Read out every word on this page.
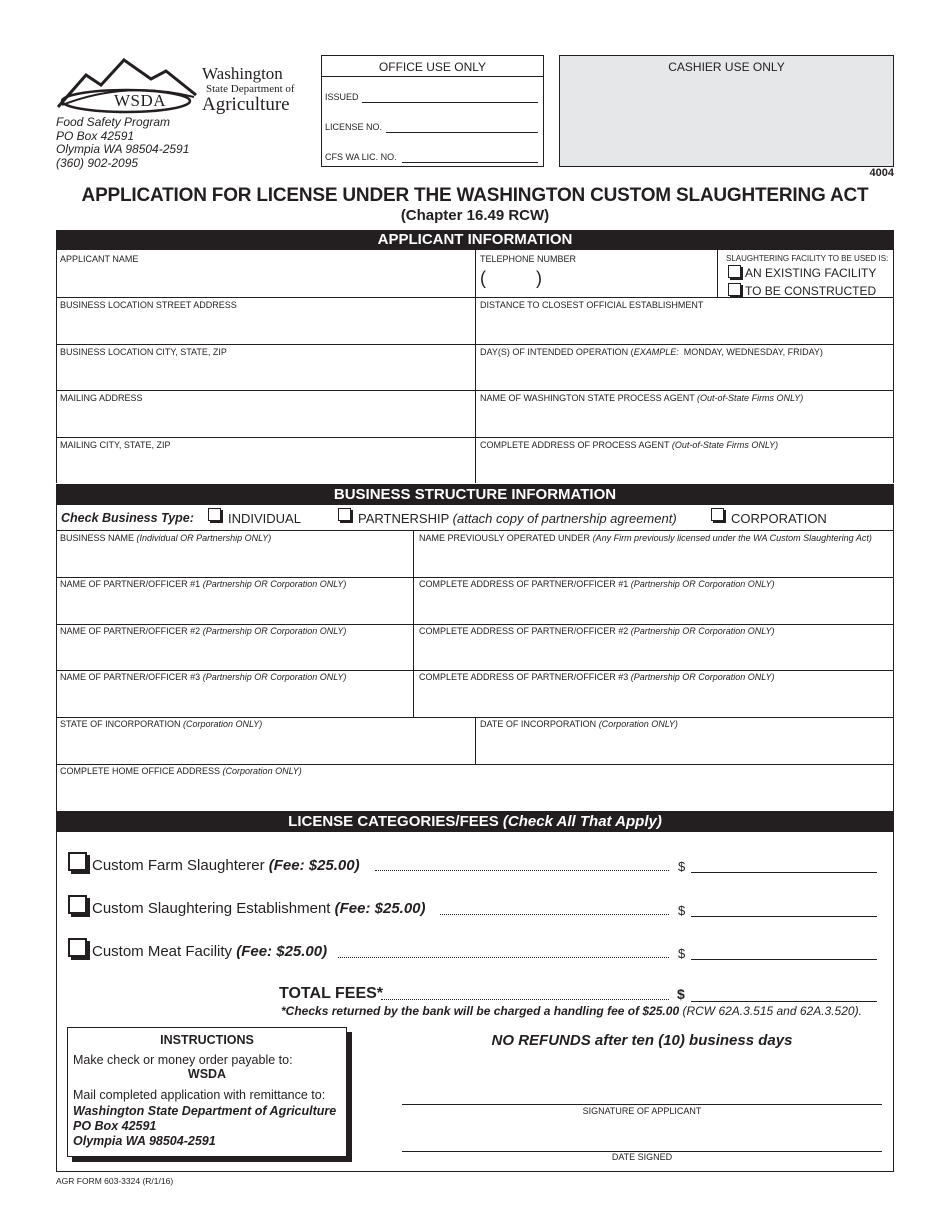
WSDA
Washington
State Department of
Agriculture
Food Safety Program
PO Box 42591
Olympia WA 98504-2591
(360) 902-2095
OFFICE USE ONLY
ISSUED
LICENSE NO.
CFS WA LIC. NO.
CASHIER USE ONLY
4004
APPLICATION FOR LICENSE UNDER THE WASHINGTON CUSTOM SLAUGHTERING ACT
(Chapter 16.49 RCW)
APPLICANT INFORMATION
APPLICANT NAME	TELEPHONE NUMBER
(	)
SLAUGHTERING FACILITY TO BE USED IS:
AN EXISTING FACILITY
TO BE CONSTRUCTED
BUSINESS LOCATION STREET ADDRESS	DISTANCE TO CLOSEST OFFICIAL ESTABLISHMENT
BUSINESS LOCATION CITY, STATE, ZIP	DAY(S) OF INTENDED OPERATION (EXAMPLE:  MONDAY, WEDNESDAY, FRIDAY)
MAILING ADDRESS	NAME OF WASHINGTON STATE PROCESS AGENT (Out-of-State Firms ONLY)
MAILING CITY, STATE, ZIP	COMPLETE ADDRESS OF PROCESS AGENT (Out-of-State Firms ONLY)
BUSINESS STRUCTURE INFORMATION
Check Business Type:	INDIVIDUAL	PARTNERSHIP (attach copy of partnership agreement)	CORPORATION
BUSINESS NAME (Individual OR Partnership ONLY)	NAME PREVIOUSLY OPERATED UNDER (Any Firm previously licensed under the WA Custom Slaughtering Act)
NAME OF PARTNER/OFFICER #1 (Partnership OR Corporation ONLY)	COMPLETE ADDRESS OF PARTNER/OFFICER #1 (Partnership OR Corporation ONLY)
NAME OF PARTNER/OFFICER #2 (Partnership OR Corporation ONLY)	COMPLETE ADDRESS OF PARTNER/OFFICER #2 (Partnership OR Corporation ONLY)
NAME OF PARTNER/OFFICER #3 (Partnership OR Corporation ONLY)	COMPLETE ADDRESS OF PARTNER/OFFICER #3 (Partnership OR Corporation ONLY)
STATE OF INCORPORATION (Corporation ONLY)	DATE OF INCORPORATION (Corporation ONLY)
COMPLETE HOME OFFICE ADDRESS (Corporation ONLY)
LICENSE CATEGORIES/FEES (Check All That Apply)
Custom Farm Slaughterer (Fee: $25.00)	$
Custom Slaughtering Establishment (Fee: $25.00)	$
Custom Meat Facility (Fee: $25.00)	$
TOTAL FEES*	$
*Checks returned by the bank will be charged a handling fee of $25.00 (RCW 62A.3.515 and 62A.3.520).
INSTRUCTIONS
Make check or money order payable to:
WSDA
Mail completed application with remittance to:
Washington State Department of Agriculture
PO Box 42591
Olympia WA 98504-2591
NO REFUNDS after ten (10) business days
SIGNATURE OF APPLICANT
DATE SIGNED
AGR FORM 603-3324 (R/1/16)
